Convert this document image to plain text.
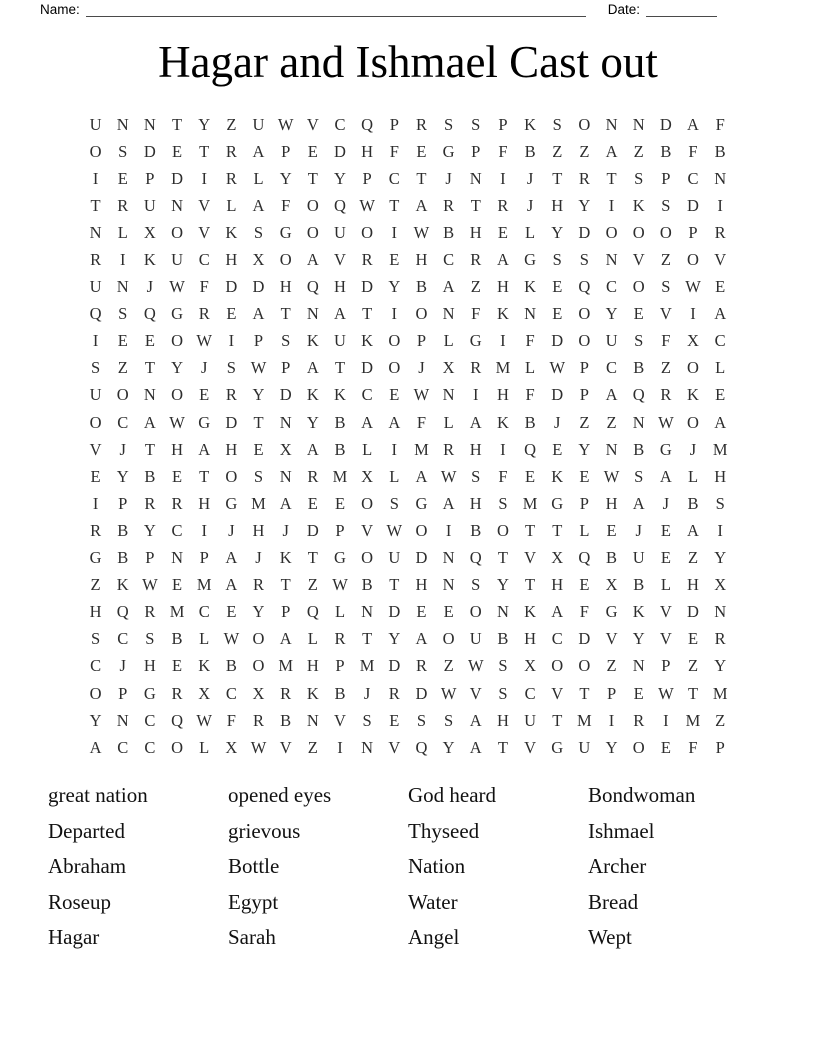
Name:	Date:
Hagar and Ishmael Cast out
U N N T Y Z U W V C Q	P	R	S	S	P	K	S	O N N D A	F
O	S	D E	T	R A	P	E D H	F	E G	P	F	B	Z	Z A Z	B	F	B
I	E	P	D	I	R	L Y T Y	P	C	T	J	N	I	J	T	R	T	S	P	C N
T	R U N V L A	F	O Q W T A R	T	R	J	H Y	I	K	S	D	I
N L X O V K	S	G O U O	I	W B H E	L Y D O O O	P	R
R	I	K U C H X O A V R	E H C R A G	S	S	N V Z O V
U N	J W F	D D H Q H D Y B A Z H K E Q C O	S W E
Q	S	Q G R	E A T N A T	I	O N	F	K N E O Y E V	I	A
I	E	E O W	I	P	S	K U K O	P	L G	I	F	D O U	S	F	X C
S	Z	T Y	J	S W P	A T D O	J	X R M L W P	C B	Z O L
U O N O E	R Y D K K C	E W N	I	H	F	D	P	A Q R K E
O C A W G D T N Y B A A	F	L A K B	J	Z	Z N W O A
V	J	T H A H E X A B	L	I	M R H	I	Q E Y N B G	J	M
E Y B	E	T O	S	N R M X L A W S	F	E K E W S	A L H
I	P	R R H G M A E	E O	S	G A H	S M G	P	H A	J	B	S
R B Y C	I	J	H	J	D	P	V W O	I	B O T	T	L	E	J	E A	I
G B	P	N	P	A	J	K T G O U D N Q T V X Q B U E	Z Y
Z K W E M A R	T	Z W B	T H N	S	Y T H E X B	L H X
H Q R M C	E Y	P	Q L N D E	E O N K A	F	G K V D N
S	C	S	B	L W O A L	R	T Y A O U B H C D V Y V E	R
C	J	H E K B O M H	P M D R	Z W S	X O O Z N	P	Z Y
O	P	G R X C X R K B	J	R D W V	S	C V T	P	E W T M
Y N C Q W F	R B N V	S	E	S	S	A H U T M	I	R	I	M Z
A C C O L X W V Z	I	N V Q Y A T V G U Y O E	F	P
great nation
Departed
Abraham
Roseup
Hagar
opened eyes
grievous
Bottle
Egypt
Sarah
God heard
Thyseed
Nation
Water
Angel
Bondwoman
Ishmael
Archer
Bread
Wept
